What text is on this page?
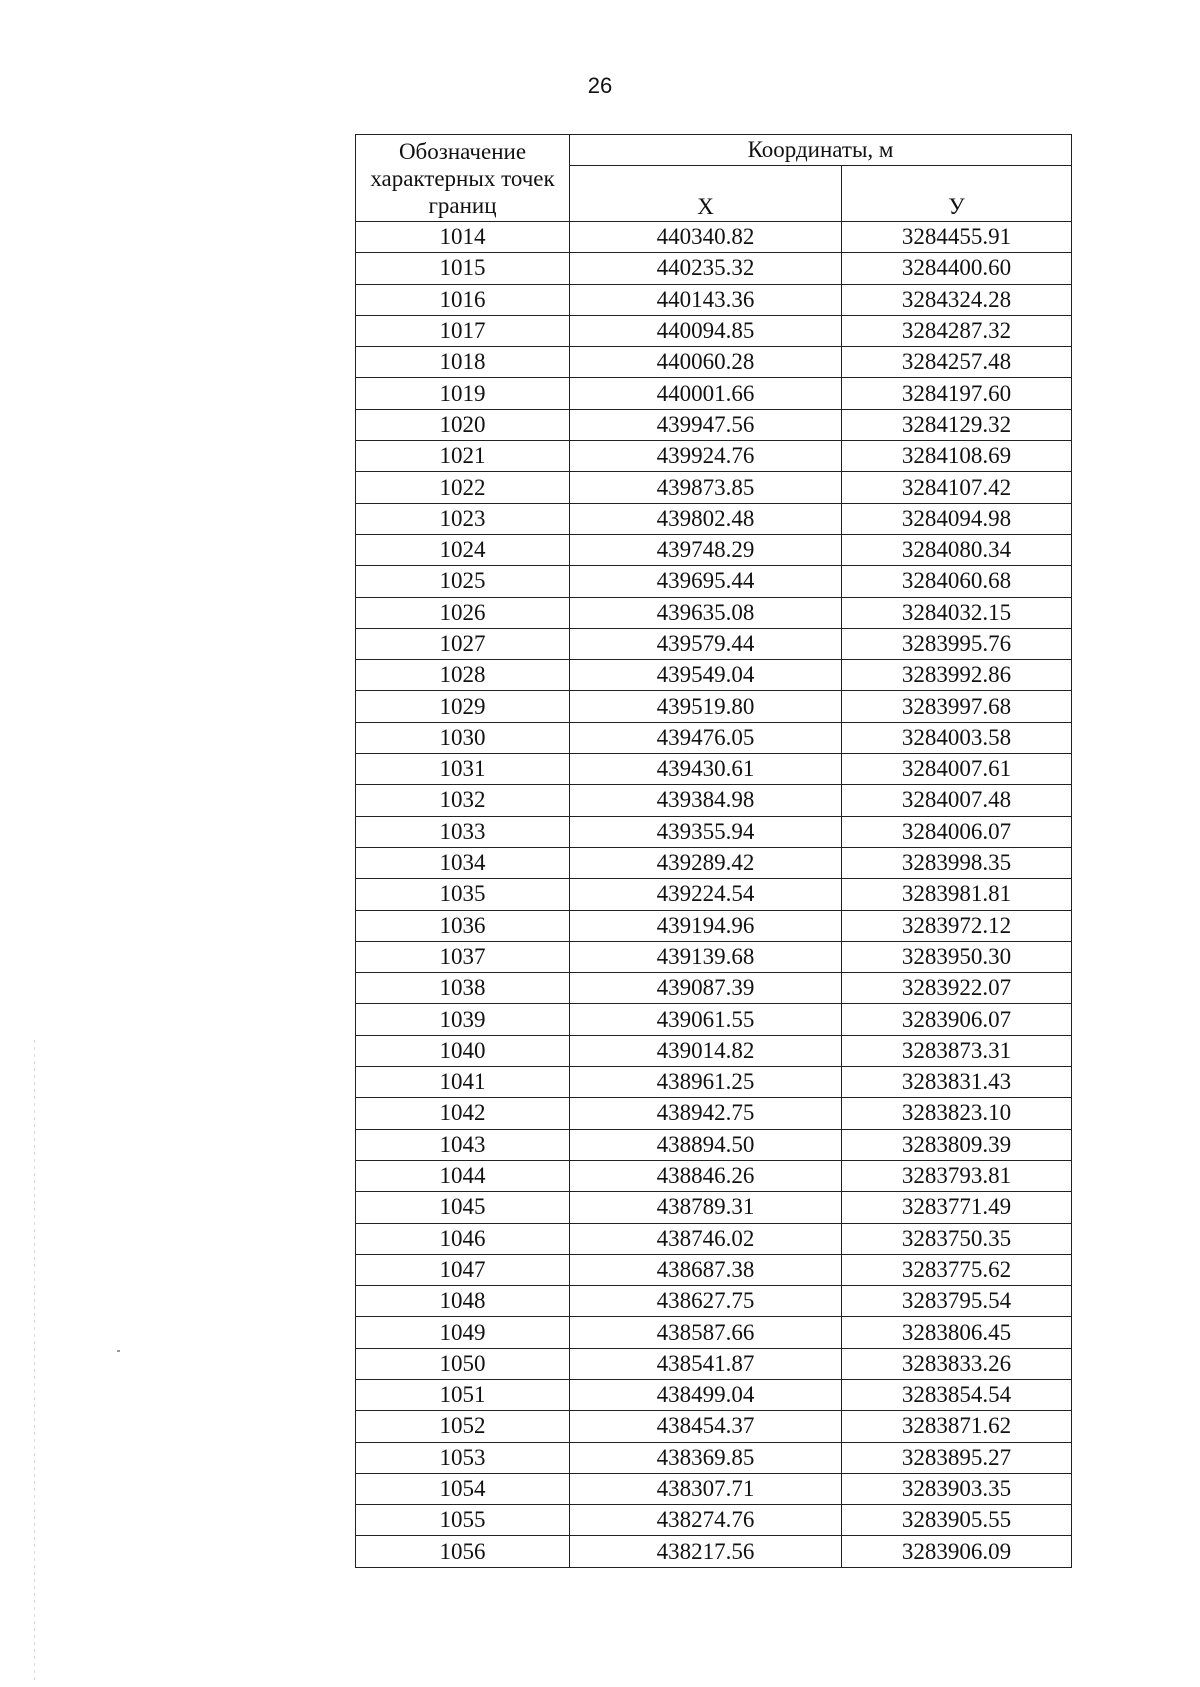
26
Обозначение характерных точек границ	Координаты, м	
	Х	У
1014	440340.82	3284455.91
1015	440235.32	3284400.60
1016	440143.36	3284324.28
1017	440094.85	3284287.32
1018	440060.28	3284257.48
1019	440001.66	3284197.60
1020	439947.56	3284129.32
1021	439924.76	3284108.69
1022	439873.85	3284107.42
1023	439802.48	3284094.98
1024	439748.29	3284080.34
1025	439695.44	3284060.68
1026	439635.08	3284032.15
1027	439579.44	3283995.76
1028	439549.04	3283992.86
1029	439519.80	3283997.68
1030	439476.05	3284003.58
1031	439430.61	3284007.61
1032	439384.98	3284007.48
1033	439355.94	3284006.07
1034	439289.42	3283998.35
1035	439224.54	3283981.81
1036	439194.96	3283972.12
1037	439139.68	3283950.30
1038	439087.39	3283922.07
1039	439061.55	3283906.07
1040	439014.82	3283873.31
1041	438961.25	3283831.43
1042	438942.75	3283823.10
1043	438894.50	3283809.39
1044	438846.26	3283793.81
1045	438789.31	3283771.49
1046	438746.02	3283750.35
1047	438687.38	3283775.62
1048	438627.75	3283795.54
1049	438587.66	3283806.45
1050	438541.87	3283833.26
1051	438499.04	3283854.54
1052	438454.37	3283871.62
1053	438369.85	3283895.27
1054	438307.71	3283903.35
1055	438274.76	3283905.55
1056	438217.56	3283906.09
